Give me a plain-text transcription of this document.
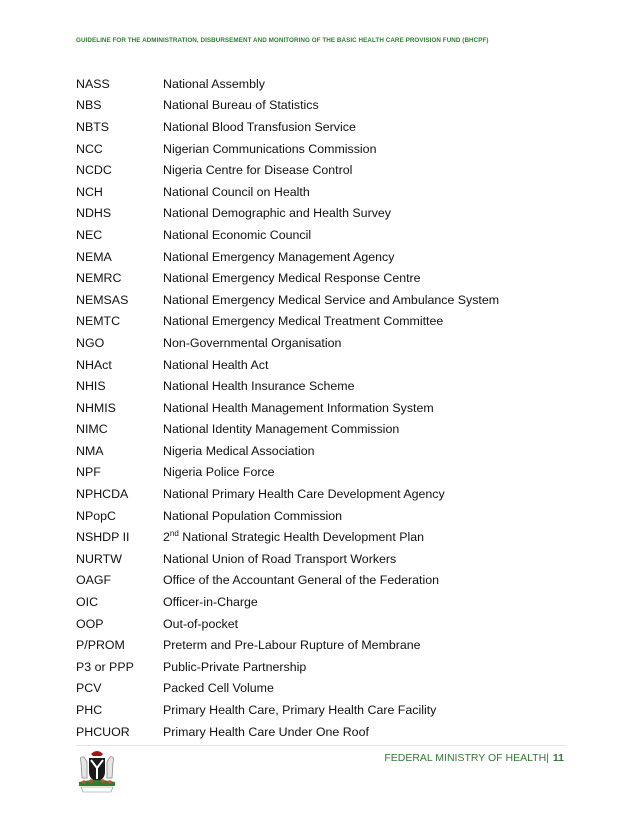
GUIDELINE FOR THE ADMINISTRATION, DISBURSEMENT AND MONITORING OF THE BASIC HEALTH CARE PROVISION FUND (BHCPF)
NASS	National Assembly
NBS	National Bureau of Statistics
NBTS	National Blood Transfusion Service
NCC	Nigerian Communications Commission
NCDC	Nigeria Centre for Disease Control
NCH	National Council on Health
NDHS	National Demographic and Health Survey
NEC	National Economic Council
NEMA	National Emergency Management Agency
NEMRC	National Emergency Medical Response Centre
NEMSAS	National Emergency Medical Service and Ambulance System
NEMTC	National Emergency Medical Treatment Committee
NGO	Non-Governmental Organisation
NHAct	National Health Act
NHIS	National Health Insurance Scheme
NHMIS	National Health Management Information System
NIMC	National Identity Management Commission
NMA	Nigeria Medical Association
NPF	Nigeria Police Force
NPHCDA	National Primary Health Care Development Agency
NPopC	National Population Commission
NSHDP II	2nd National Strategic Health Development Plan
NURTW	National Union of Road Transport Workers
OAGF	Office of the Accountant General of the Federation
OIC	Officer-in-Charge
OOP	Out-of-pocket
P/PROM	Preterm and Pre-Labour Rupture of Membrane
P3 or PPP	Public-Private Partnership
PCV	Packed Cell Volume
PHC	Primary Health Care, Primary Health Care Facility
PHCUOR	Primary Health Care Under One Roof
FEDERAL MINISTRY OF HEALTH| 11
